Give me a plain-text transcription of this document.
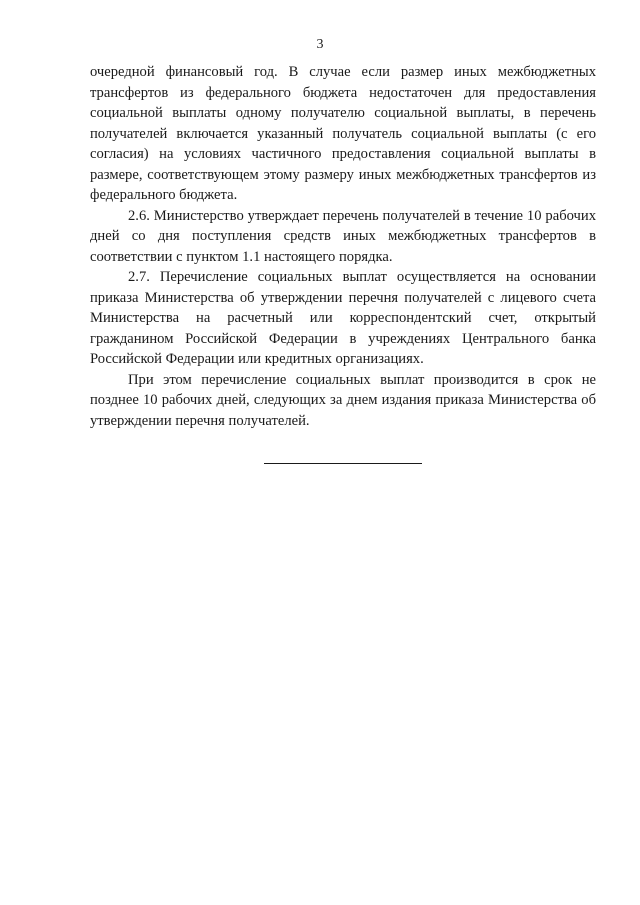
3

очередной финансовый год. В случае если размер иных межбюджетных трансфертов из федерального бюджета недостаточен для предоставления социальной выплаты одному получателю социальной выплаты, в перечень получателей включается указанный получатель социальной выплаты (с его согласия) на условиях частичного предоставления социальной выплаты в размере, соответствующем этому размеру иных межбюджетных трансфертов из федерального бюджета.

2.6. Министерство утверждает перечень получателей в течение 10 рабочих дней со дня поступления средств иных межбюджетных трансфертов в соответствии с пунктом 1.1 настоящего порядка.

2.7. Перечисление социальных выплат осуществляется на основании приказа Министерства об утверждении перечня получателей с лицевого счета Министерства на расчетный или корреспондентский счет, открытый гражданином Российской Федерации в учреждениях Центрального банка Российской Федерации или кредитных организациях.

При этом перечисление социальных выплат производится в срок не позднее 10 рабочих дней, следующих за днем издания приказа Министерства об утверждении перечня получателей.
